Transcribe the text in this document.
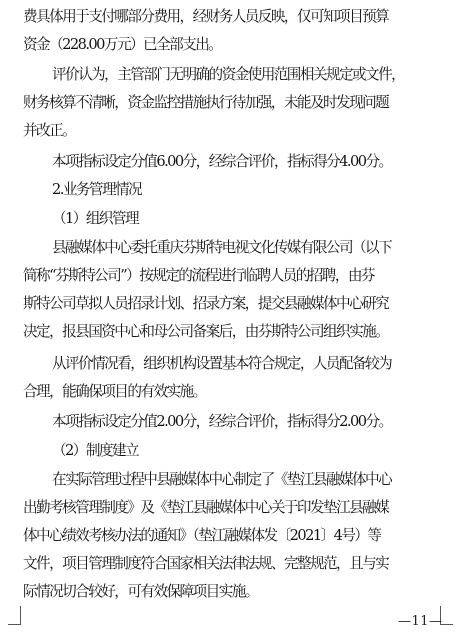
费具体用于支付哪部分费用，经财务人员反映，仅可知项目预算
资金（228.00万元）已全部支出。
评价认为，主管部门无明确的资金使用范围相关规定或文件，
财务核算不清晰，资金监控措施执行待加强，未能及时发现问题
并改正。
本项指标设定分值6.00分，经综合评价，指标得分4.00分。
2.业务管理情况
（1）组织管理
县融媒体中心委托重庆芬斯特电视文化传媒有限公司（以下
简称“芬斯特公司”）按规定的流程进行临聘人员的招聘，由芬
斯特公司草拟人员招录计划、招录方案，提交县融媒体中心研究
决定，报县国资中心和母公司备案后，由芬斯特公司组织实施。
从评价情况看，组织机构设置基本符合规定，人员配备较为
合理，能确保项目的有效实施。
本项指标设定分值2.00分，经综合评价，指标得分2.00分。
（2）制度建立
在实际管理过程中县融媒体中心制定了《垫江县融媒体中心
出勤考核管理制度》及《垫江县融媒体中心关于印发垫江县融媒
体中心绩效考核办法的通知》（垫江融媒体发〔2021〕4号）等
文件，项目管理制度符合国家相关法律法规、完整规范，且与实
际情况切合较好，可有效保障项目实施。
—11—
